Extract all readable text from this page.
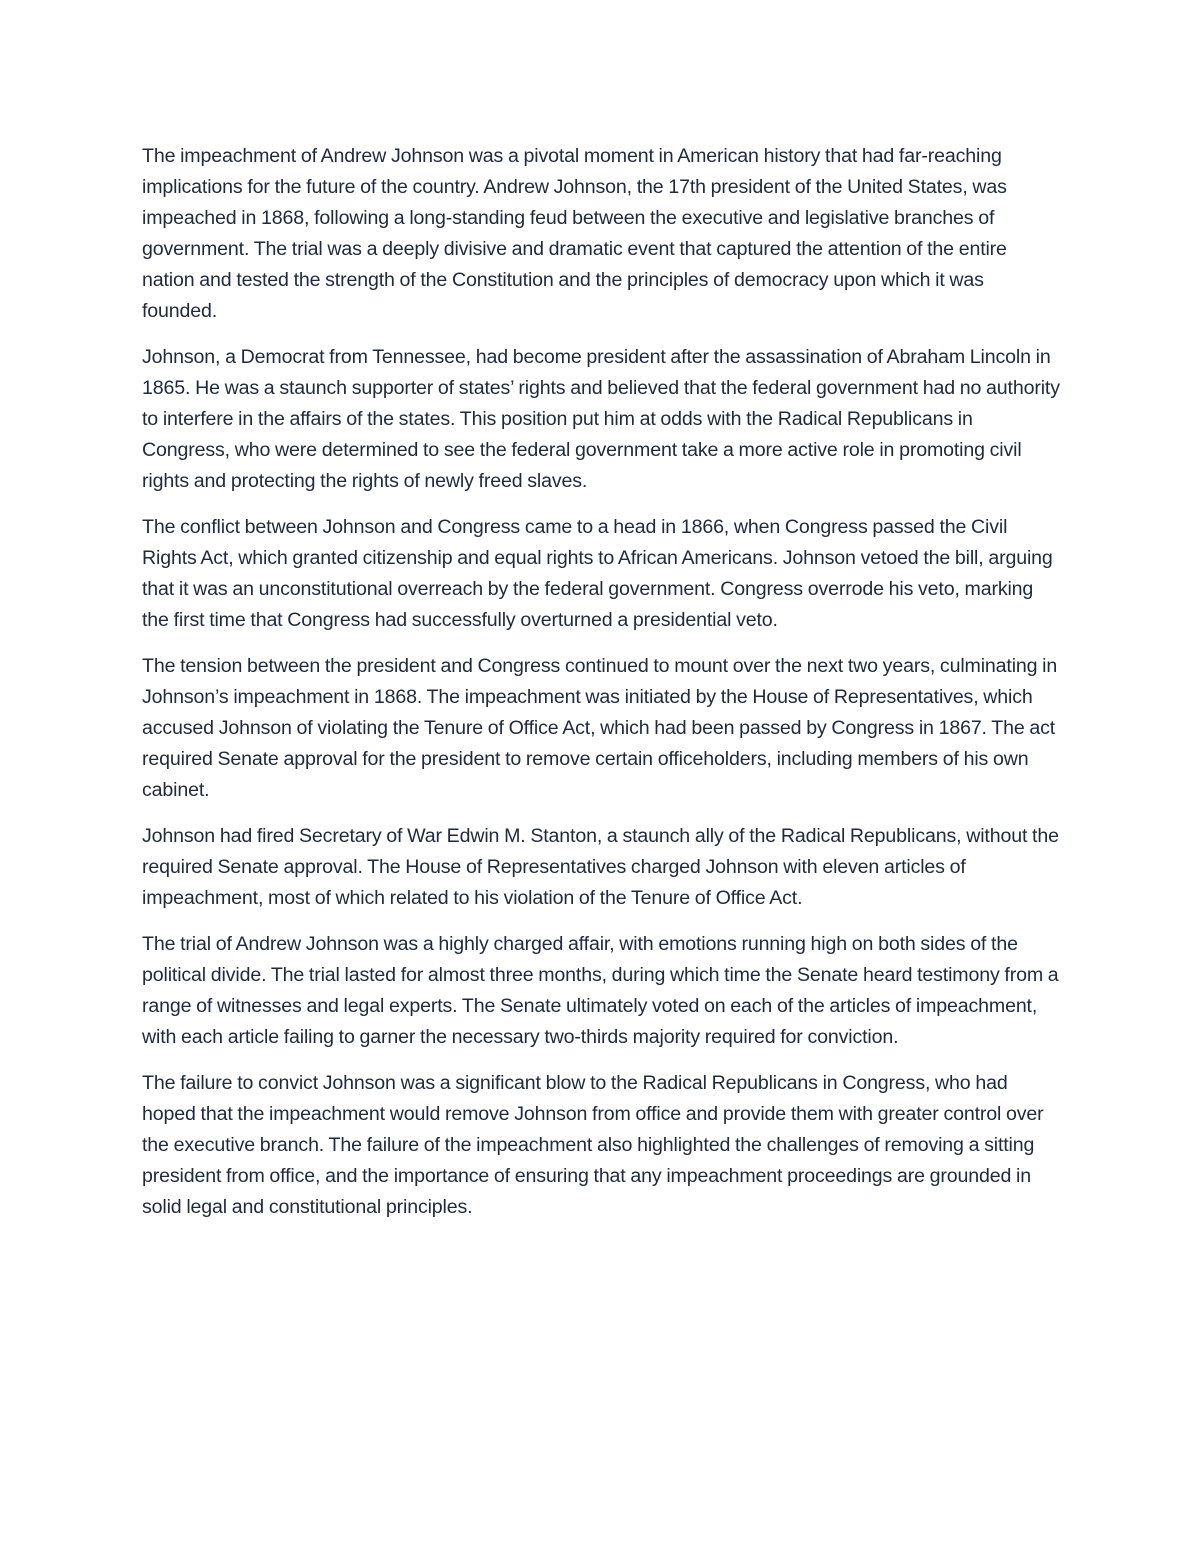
The impeachment of Andrew Johnson was a pivotal moment in American history that had far-reaching implications for the future of the country. Andrew Johnson, the 17th president of the United States, was impeached in 1868, following a long-standing feud between the executive and legislative branches of government. The trial was a deeply divisive and dramatic event that captured the attention of the entire nation and tested the strength of the Constitution and the principles of democracy upon which it was founded.

Johnson, a Democrat from Tennessee, had become president after the assassination of Abraham Lincoln in 1865. He was a staunch supporter of states’ rights and believed that the federal government had no authority to interfere in the affairs of the states. This position put him at odds with the Radical Republicans in Congress, who were determined to see the federal government take a more active role in promoting civil rights and protecting the rights of newly freed slaves.

The conflict between Johnson and Congress came to a head in 1866, when Congress passed the Civil Rights Act, which granted citizenship and equal rights to African Americans. Johnson vetoed the bill, arguing that it was an unconstitutional overreach by the federal government. Congress overrode his veto, marking the first time that Congress had successfully overturned a presidential veto.

The tension between the president and Congress continued to mount over the next two years, culminating in Johnson’s impeachment in 1868. The impeachment was initiated by the House of Representatives, which accused Johnson of violating the Tenure of Office Act, which had been passed by Congress in 1867. The act required Senate approval for the president to remove certain officeholders, including members of his own cabinet.

Johnson had fired Secretary of War Edwin M. Stanton, a staunch ally of the Radical Republicans, without the required Senate approval. The House of Representatives charged Johnson with eleven articles of impeachment, most of which related to his violation of the Tenure of Office Act.

The trial of Andrew Johnson was a highly charged affair, with emotions running high on both sides of the political divide. The trial lasted for almost three months, during which time the Senate heard testimony from a range of witnesses and legal experts. The Senate ultimately voted on each of the articles of impeachment, with each article failing to garner the necessary two-thirds majority required for conviction.

The failure to convict Johnson was a significant blow to the Radical Republicans in Congress, who had hoped that the impeachment would remove Johnson from office and provide them with greater control over the executive branch. The failure of the impeachment also highlighted the challenges of removing a sitting president from office, and the importance of ensuring that any impeachment proceedings are grounded in solid legal and constitutional principles.
